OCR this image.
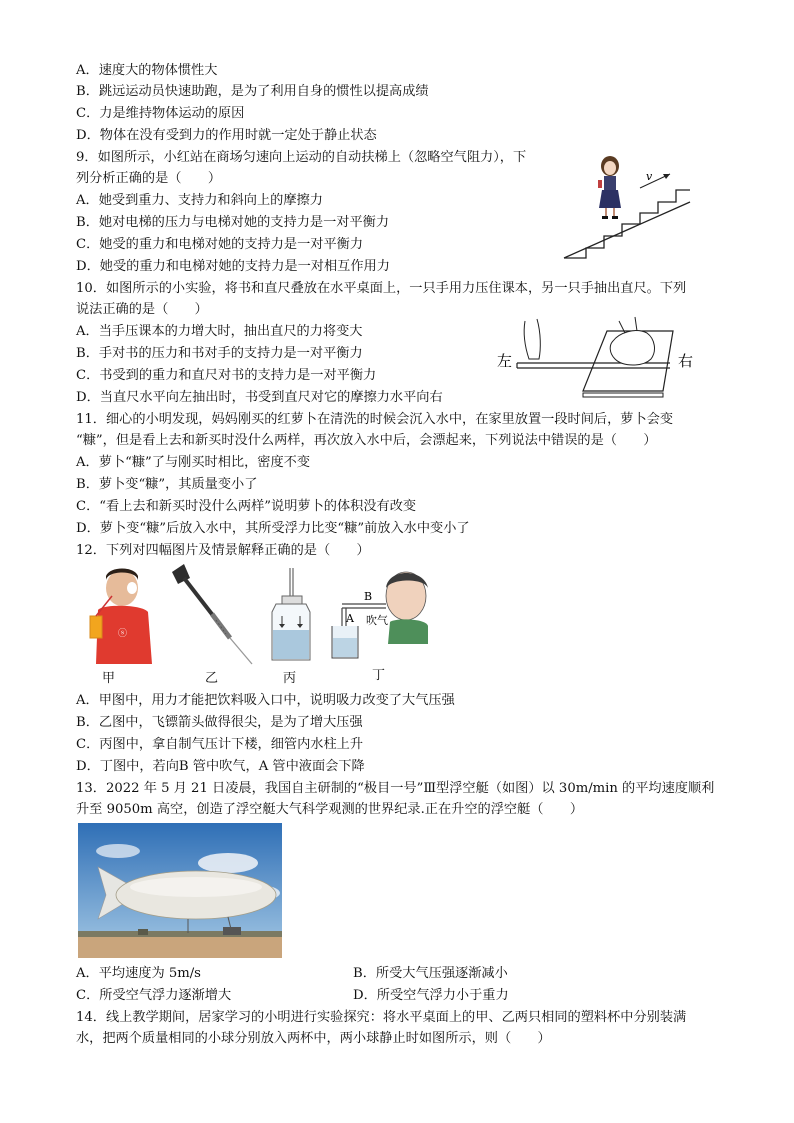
A．速度大的物体惯性大
B．跳远运动员快速助跑，是为了利用自身的惯性以提高成绩
C．力是维持物体运动的原因
D．物体在没有受到力的作用时就一定处于静止状态
9．如图所示，小红站在商场匀速向上运动的自动扶梯上（忽略空气阻力），下
列分析正确的是（　　）
A．她受到重力、支持力和斜向上的摩擦力
B．她对电梯的压力与电梯对她的支持力是一对平衡力
C．她受的重力和电梯对她的支持力是一对平衡力
D．她受的重力和电梯对她的支持力是一对相互作用力
v
10．如图所示的小实验，将书和直尺叠放在水平桌面上，一只手用力压住课本，另一只手抽出直尺。下列
说法正确的是（　　）
A．当手压课本的力增大时，抽出直尺的力将变大
B．手对书的压力和书对手的支持力是一对平衡力
C．书受到的重力和直尺对书的支持力是一对平衡力
D．当直尺水平向左抽出时，书受到直尺对它的摩擦力水平向右
左	右
11．细心的小明发现，妈妈刚买的红萝卜在清洗的时候会沉入水中，在家里放置一段时间后，萝卜会变
“糠”，但是看上去和新买时没什么两样，再次放入水中后，会漂起来，下列说法中错误的是（　　）
A．萝卜“糠”了与刚买时相比，密度不变
B．萝卜变“糠”，其质量变小了
C．“看上去和新买时没什么两样”说明萝卜的体积没有改变
D．萝卜变“糠”后放入水中，其所受浮力比变“糠”前放入水中变小了
12．下列对四幅图片及情景解释正确的是（　　）
ⓢ
甲	乙	丙
B
A 吹气
丁
A．甲图中，用力才能把饮料吸入口中，说明吸力改变了大气压强
B．乙图中，飞镖箭头做得很尖，是为了增大压强
C．丙图中，拿自制气压计下楼，细管内水柱上升
D．丁图中，若向B 管中吹气，A 管中液面会下降
13．2022 年 5 月 21 日凌晨，我国自主研制的“极目一号”Ⅲ型浮空艇（如图）以 30m/min 的平均速度顺利
升至 9050m 高空，创造了浮空艇大气科学观测的世界纪录.正在升空的浮空艇（　　）
A．平均速度为 5m/s	B．所受大气压强逐渐减小
C．所受空气浮力逐渐增大	D．所受空气浮力小于重力
14．线上教学期间，居家学习的小明进行实验探究：将水平桌面上的甲、乙两只相同的塑料杯中分别装满
水，把两个质量相同的小球分别放入两杯中，两小球静止时如图所示，则（　　）
